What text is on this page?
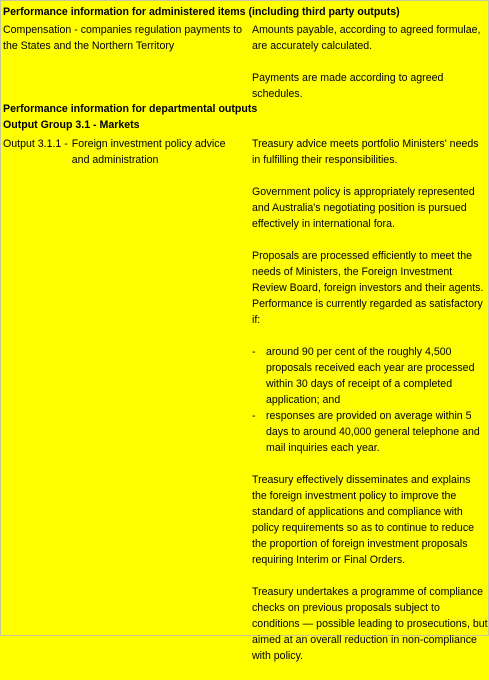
Performance information for administered items (including third party outputs)
Compensation - companies regulation payments to the States and the Northern Territory

Amounts payable, according to agreed formulae, are accurately calculated.

Payments are made according to agreed schedules.

Performance information for departmental outputs
Output Group 3.1 - Markets
Output 3.1.1 - Foreign investment policy advice and administration

Treasury advice meets portfolio Ministers' needs in fulfilling their responsibilities.

Government policy is appropriately represented and Australia's negotiating position is pursued effectively in international fora.

Proposals are processed efficiently to meet the needs of Ministers, the Foreign Investment Review Board, foreign investors and their agents. Performance is currently regarded as satisfactory if:

- around 90 per cent of the roughly 4,500 proposals received each year are processed within 30 days of receipt of a completed application; and
- responses are provided on average within 5 days to around 40,000 general telephone and mail inquiries each year.

Treasury effectively disseminates and explains the foreign investment policy to improve the standard of applications and compliance with policy requirements so as to continue to reduce the proportion of foreign investment proposals requiring Interim or Final Orders.

Treasury undertakes a programme of compliance checks on previous proposals subject to conditions — possible leading to prosecutions, but aimed at an overall reduction in non-compliance with policy.
